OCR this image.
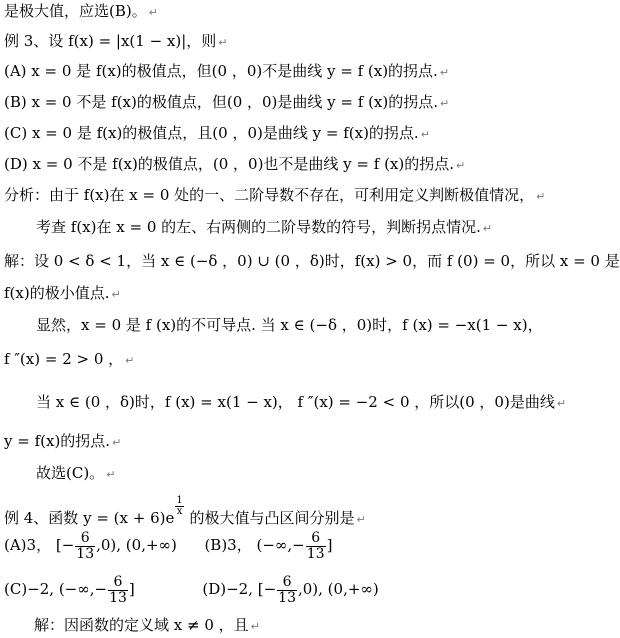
是极大值，应选(B)。 ↵
例 3、设 f(x) = |x(1 − x)|，则 ↵
(A) x = 0 是 f(x)的极值点，但(0 ，0)不是曲线 y = f (x)的拐点. ↵
(B) x = 0 不是 f(x)的极值点，但(0 ，0)是曲线 y = f (x)的拐点. ↵
(C) x = 0 是 f(x)的极值点，且(0 ，0)是曲线 y = f(x)的拐点. ↵
(D) x = 0 不是 f(x)的极值点，(0 ，0)也不是曲线 y = f (x)的拐点. ↵
分析：由于 f(x)在 x = 0 处的一、二阶导数不存在，可利用定义判断极值情况， ↵
考查 f(x)在 x = 0 的左、右两侧的二阶导数的符号，判断拐点情况. ↵
解：设 0 < δ < 1，当 x ∈ (−δ ，0) ∪ (0 ，δ)时，f(x) > 0，而 f (0) = 0，所以 x = 0 是
f(x)的极小值点. ↵
显然，x = 0 是 f (x)的不可导点. 当 x ∈ (−δ ，0)时，f (x) = −x(1 − x)，
f ″(x) = 2 > 0 ， ↵
当 x ∈ (0 ，δ)时，f (x) = x(1 − x)， f ″(x) = −2 < 0 ，所以(0 ，0)是曲线 ↵
y = f(x)的拐点. ↵
故选(C)。 ↵
例 4、函数 y = (x + 6)e
$\frac{1}{x}$
的极大值与凸区间分别是 ↵
(A)3， [− $\frac{6}{13} ,0$), (0,+∞) (B)3， (−∞,− $\frac{6}{13}$ ]
(C)−2, (−∞,− $\frac{6}{13}$ ]	(D)−2, [− $\frac{6}{13} ,0$), (0,+∞)
解：因函数的定义域 x ≠ 0 ，且 ↵
